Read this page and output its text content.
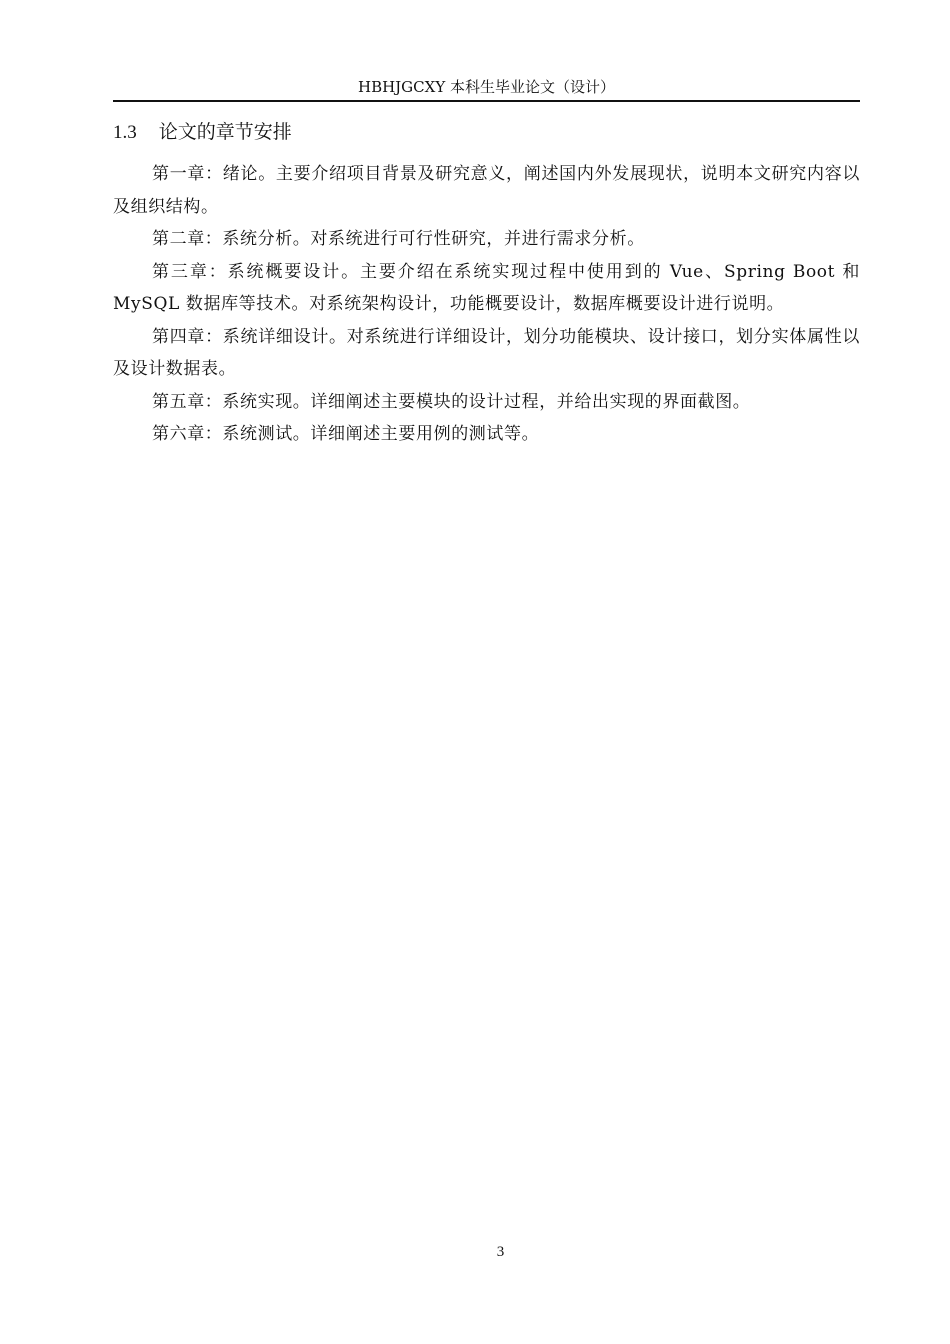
HBHJGCXY 本科生毕业论文（设计）
1.3 论文的章节安排

第一章：绪论。主要介绍项目背景及研究意义，阐述国内外发展现状，说明本文研究内容以及组织结构。

第二章：系统分析。对系统进行可行性研究，并进行需求分析。

第三章：系统概要设计。主要介绍在系统实现过程中使用到的 Vue、Spring Boot 和 MySQL 数据库等技术。对系统架构设计，功能概要设计，数据库概要设计进行说明。

第四章：系统详细设计。对系统进行详细设计，划分功能模块、设计接口，划分实体属性以及设计数据表。

第五章：系统实现。详细阐述主要模块的设计过程，并给出实现的界面截图。

第六章：系统测试。详细阐述主要用例的测试等。

3
